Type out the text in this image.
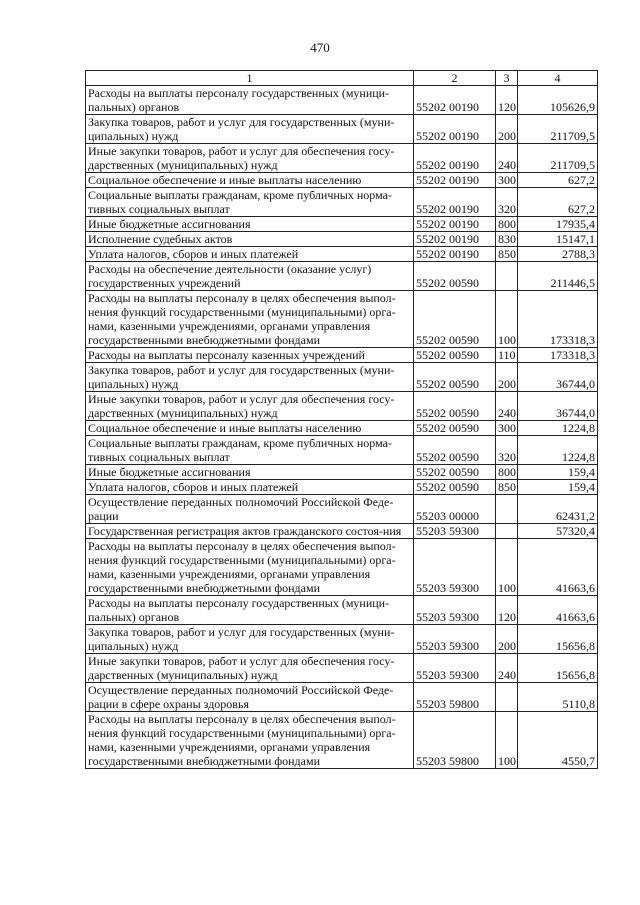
470
1	2	3	4
Расходы на выплаты персоналу государственных (муници-пальных) органов	55202 00190	120	105626,9
Закупка товаров, работ и услуг для государственных (муни-ципальных) нужд	55202 00190	200	211709,5
Иные закупки товаров, работ и услуг для обеспечения госу-дарственных (муниципальных) нужд	55202 00190	240	211709,5
Социальное обеспечение и иные выплаты населению	55202 00190	300	627,2
Социальные выплаты гражданам, кроме публичных норма-тивных социальных выплат	55202 00190	320	627,2
Иные бюджетные ассигнования	55202 00190	800	17935,4
Исполнение судебных актов	55202 00190	830	15147,1
Уплата налогов, сборов и иных платежей	55202 00190	850	2788,3
Расходы на обеспечение деятельности (оказание услуг) государственных учреждений	55202 00590		211446,5
Расходы на выплаты персоналу в целях обеспечения выпол-нения функций государственными (муниципальными) орга-нами, казенными учреждениями, органами управления государственными внебюджетными фондами	55202 00590	100	173318,3
Расходы на выплаты персоналу казенных учреждений	55202 00590	110	173318,3
Закупка товаров, работ и услуг для государственных (муни-ципальных) нужд	55202 00590	200	36744,0
Иные закупки товаров, работ и услуг для обеспечения госу-дарственных (муниципальных) нужд	55202 00590	240	36744,0
Социальное обеспечение и иные выплаты населению	55202 00590	300	1224,8
Социальные выплаты гражданам, кроме публичных норма-тивных социальных выплат	55202 00590	320	1224,8
Иные бюджетные ассигнования	55202 00590	800	159,4
Уплата налогов, сборов и иных платежей	55202 00590	850	159,4
Осуществление переданных полномочий Российской Феде-рации	55203 00000		62431,2
Государственная регистрация актов гражданского состоя-ния	55203 59300		57320,4
Расходы на выплаты персоналу в целях обеспечения выпол-нения функций государственными (муниципальными) орга-нами, казенными учреждениями, органами управления государственными внебюджетными фондами	55203 59300	100	41663,6
Расходы на выплаты персоналу государственных (муници-пальных) органов	55203 59300	120	41663,6
Закупка товаров, работ и услуг для государственных (муни-ципальных) нужд	55203 59300	200	15656,8
Иные закупки товаров, работ и услуг для обеспечения госу-дарственных (муниципальных) нужд	55203 59300	240	15656,8
Осуществление переданных полномочий Российской Феде-рации в сфере охраны здоровья	55203 59800		5110,8
Расходы на выплаты персоналу в целях обеспечения выпол-нения функций государственными (муниципальными) орга-нами, казенными учреждениями, органами управления государственными внебюджетными фондами	55203 59800	100	4550,7
